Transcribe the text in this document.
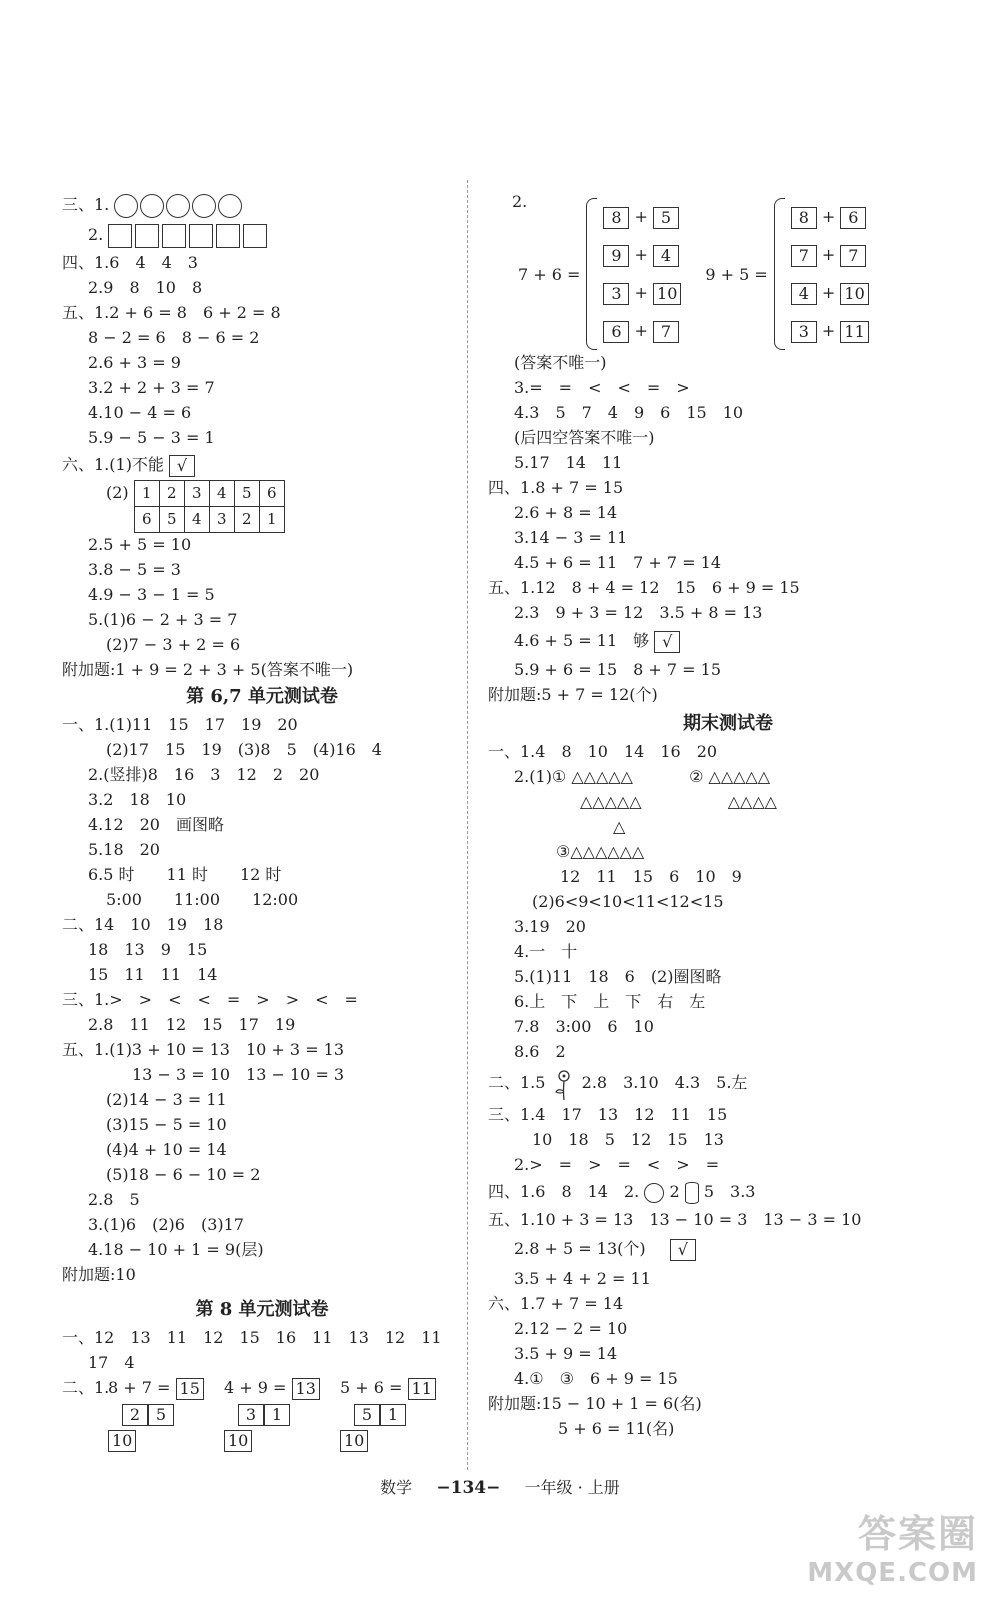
三、1.
2.
四、1.6　4　4　3
2.9　8　10　8
五、1.2 + 6 = 8　6 + 2 = 8
8 − 2 = 6　8 − 6 = 2
2.6 + 3 = 9
3.2 + 2 + 3 = 7
4.10 − 4 = 6
5.9 − 5 − 3 = 1
六、1.(1)不能 √
(2) 1	2	3	4	5	6
6	5	4	3	2	1
2.5 + 5 = 10
3.8 − 5 = 3
4.9 − 3 − 1 = 5
5.(1)6 − 2 + 3 = 7
(2)7 − 3 + 2 = 6
附加题:1 + 9 = 2 + 3 + 5(答案不唯一)
第 6,7 单元测试卷
一、1.(1)11　15　17　19　20
(2)17　15　19　(3)8　5　(4)16　4
2.(竖排)8　16　3　12　2　20
3.2　18　10
4.12　20　画图略
5.18　20
6.5 时　　11 时　　12 时
5:00　　11:00　　12:00
二、14　10　19　18
18　13　9　15
15　11　11　14
三、1.>　>　<　<　=　>　>　<　=
2.8　11　12　15　17　19
五、1.(1)3 + 10 = 13　10 + 3 = 13
13 − 3 = 10　13 − 10 = 3
(2)14 − 3 = 11
(3)15 − 5 = 10
(4)4 + 10 = 14
(5)18 − 6 − 10 = 2
2.8　5
3.(1)6　(2)6　(3)17
4.18 − 10 + 1 = 9(层)
附加题:10
第 8 单元测试卷
一、12　13　11　12　15　16　11　13　12　11
17　4
二、1.
8 + 7 = 15
2 5
10
4 + 9 = 13
3 1
10
5 + 6 = 11
5 1
10
2.
7 + 6 =
8 + 5
9 + 4
3 + 10
6 + 7
9 + 5 =
8 + 6
7 + 7
4 + 10
3 + 11
(答案不唯一)
3.=　=　<　<　=　>
4.3　5　7　4　9　6　15　10
(后四空答案不唯一)
5.17　14　11
四、1.8 + 7 = 15
2.6 + 8 = 14
3.14 − 3 = 11
4.5 + 6 = 11　7 + 7 = 14
五、1.12　8 + 4 = 12　15　6 + 9 = 15
2.3　9 + 3 = 12　3.5 + 8 = 13
4.6 + 5 = 11　够 √
5.9 + 6 = 15　8 + 7 = 15
附加题:5 + 7 = 12(个)
期末测试卷
一、1.4　8　10　14　16　20
2.(1)① △△△△△	② △△△△△
△△△△△	△△△△
△
③△△△△△△
12　11　15　6　10　9
(2)6<9<10<11<12<15
3.19　20
4.一　十
5.(1)11　18　6　(2)圈图略
6.上　下　上　下　右　左
7.8　3:00　6　10
8.6　2
二、1.5 2.8　3.10　4.3　5.左
三、1.4　17　13　12　11　15
10　18　5　12　15　13
2.>　=　>　=　<　>　=
四、1.6　8　14　2. 2 5　3.3
五、1.10 + 3 = 13　13 − 10 = 3　13 − 3 = 10
2.8 + 5 = 13(个) √
3.5 + 4 + 2 = 11
六、1.7 + 7 = 14
2.12 − 2 = 10
3.5 + 9 = 14
4.①　③　6 + 9 = 15
附加题:15 − 10 + 1 = 6(名)
5 + 6 = 11(名)
数学 −134− 一年级 · 上册
答案圈
MXQE.COM
